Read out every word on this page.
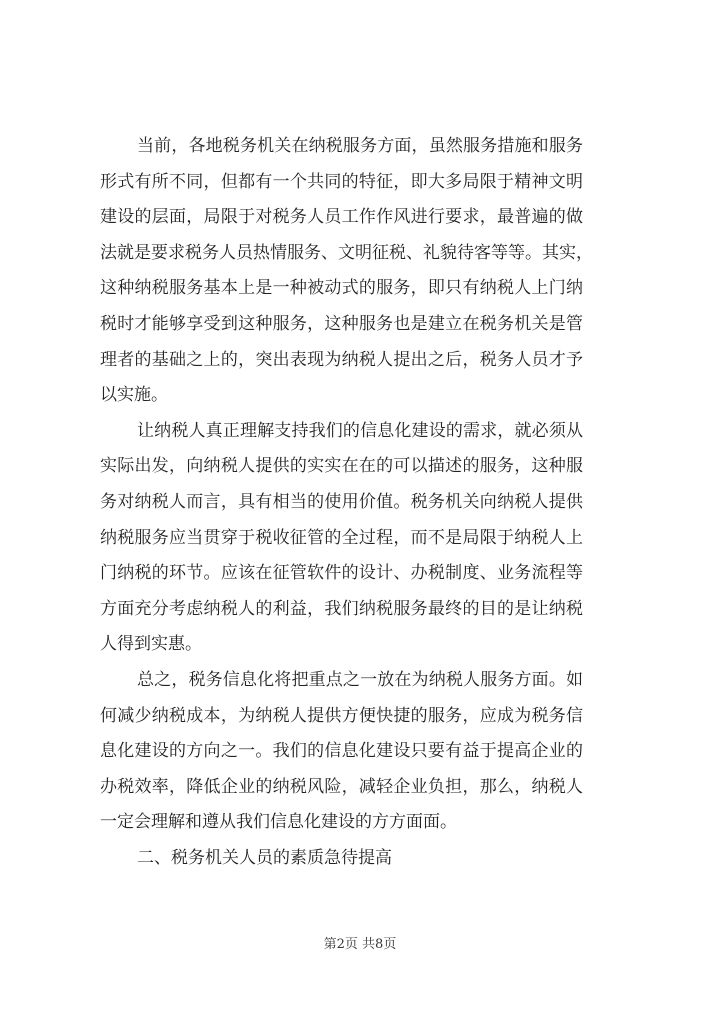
当前，各地税务机关在纳税服务方面，虽然服务措施和服务
形式有所不同，但都有一个共同的特征，即大多局限于精神文明
建设的层面，局限于对税务人员工作作风进行要求，最普遍的做
法就是要求税务人员热情服务、文明征税、礼貌待客等等。其实，
这种纳税服务基本上是一种被动式的服务，即只有纳税人上门纳
税时才能够享受到这种服务，这种服务也是建立在税务机关是管
理者的基础之上的，突出表现为纳税人提出之后，税务人员才予
以实施。
让纳税人真正理解支持我们的信息化建设的需求，就必须从
实际出发，向纳税人提供的实实在在的可以描述的服务，这种服
务对纳税人而言，具有相当的使用价值。税务机关向纳税人提供
纳税服务应当贯穿于税收征管的全过程，而不是局限于纳税人上
门纳税的环节。应该在征管软件的设计、办税制度、业务流程等
方面充分考虑纳税人的利益，我们纳税服务最终的目的是让纳税
人得到实惠。
总之，税务信息化将把重点之一放在为纳税人服务方面。如
何减少纳税成本，为纳税人提供方便快捷的服务，应成为税务信
息化建设的方向之一。我们的信息化建设只要有益于提高企业的
办税效率，降低企业的纳税风险，减轻企业负担，那么，纳税人
一定会理解和遵从我们信息化建设的方方面面。
二、税务机关人员的素质急待提高
第2页 共8页
